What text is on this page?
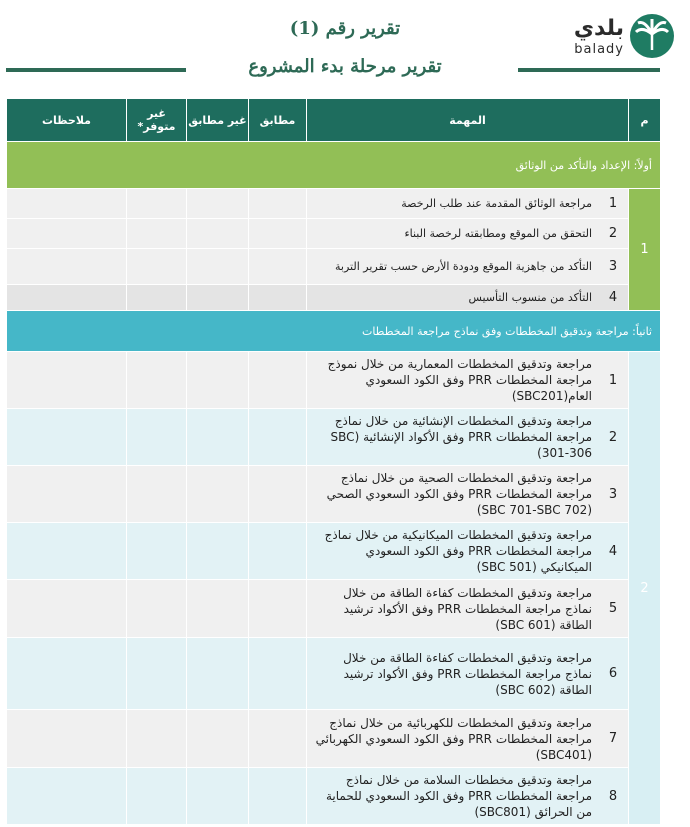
بلدي
balady
تقرير رقم (1)
تقرير مرحلة بدء المشروع
م	المهمة	مطابق	غير مطابق	غير متوفر*	ملاحظات
أولاً: الإعداد والتأكد من الوثائق
1	
1	مراجعة الوثائق المقدمة عند طلب الرخصة

2	التحقق من الموقع ومطابقته لرخصة البناء

3	التأكد من جاهزية الموقع ودودة الأرض حسب تقرير التربة

4	التأكد من منسوب التأسيس

ثانياً: مراجعة وتدقيق المخططات وفق نماذج مراجعة المخططات
2	
1	مراجعة وتدقيق المخططات المعمارية من خلال نموذج مراجعة المخططات PRR وفق الكود السعودي العام(SBC201)

2	مراجعة وتدقيق المخططات الإنشائية من خلال نماذج مراجعة المخططات PRR وفق الأكواد الإنشائية (SBC 301-306)

3	مراجعة وتدقيق المخططات الصحية من خلال نماذج مراجعة المخططات PRR وفق الكود السعودي الصحي (SBC 701-SBC 702)

4	مراجعة وتدقيق المخططات الميكانيكية من خلال نماذج مراجعة المخططات PRR وفق الكود السعودي الميكانيكي (SBC 501)

5	مراجعة وتدقيق المخططات كفاءة الطاقة من خلال نماذج مراجعة المخططات PRR وفق الأكواد ترشيد الطاقة (SBC 601)

6	مراجعة وتدقيق المخططات كفاءة الطاقة من خلال نماذج مراجعة المخططات PRR وفق الأكواد ترشيد الطاقة (SBC 602)

7	مراجعة وتدقيق المخططات للكهربائية من خلال نماذج مراجعة المخططات PRR وفق الكود السعودي الكهربائي (SBC401)

8	مراجعة وتدقيق مخططات السلامة من خلال نماذج مراجعة المخططات PRR وفق الكود السعودي للحماية من الحرائق (SBC801)
